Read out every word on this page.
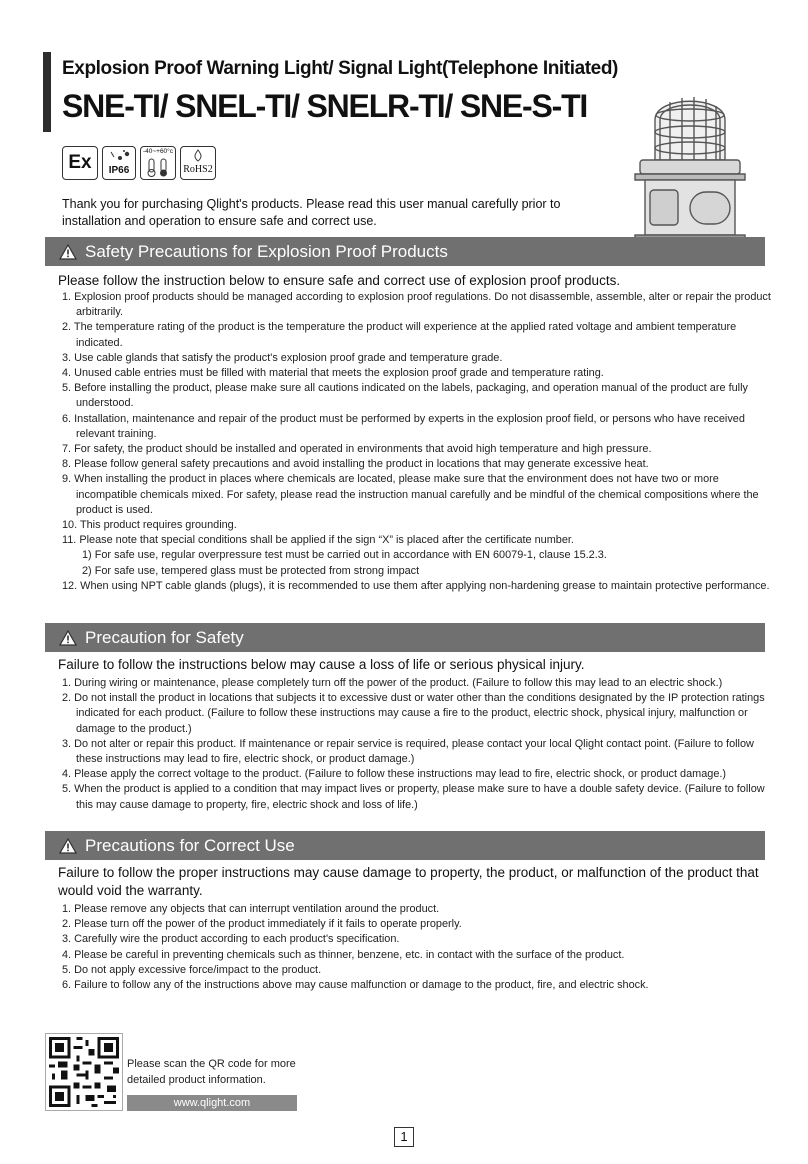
Explosion Proof Warning Light/ Signal Light(Telephone Initiated)
SNE-TI/ SNEL-TI/ SNELR-TI/ SNE-S-TI
Ex	IP66
-40~+60°c
RoHS2
Thank you for purchasing Qlight's products. Please read this user manual carefully prior to installation and operation to ensure safe and correct use.
Safety Precautions for Explosion Proof Products
Please follow the instruction below to ensure safe and correct use of explosion proof products.
1. Explosion proof products should be managed according to explosion proof regulations. Do not disassemble, assemble, alter or repair the product arbitrarily.
2. The temperature rating of the product is the temperature the product will experience at the applied rated voltage and ambient temperature indicated.
3. Use cable glands that satisfy the product's explosion proof grade and temperature grade.
4. Unused cable entries must be filled with material that meets the explosion proof grade and temperature rating.
5. Before installing the product, please make sure all cautions indicated on the labels, packaging, and operation manual of the product are fully understood.
6. Installation, maintenance and repair of the product must be performed by experts in the explosion proof field, or persons who have received relevant training.
7. For safety, the product should be installed and operated in environments that avoid high temperature and high pressure.
8. Please follow general safety precautions and avoid installing the product in locations that may generate excessive heat.
9. When installing the product in places where chemicals are located, please make sure that the environment does not have two or more incompatible chemicals mixed. For safety, please read the instruction manual carefully and be mindful of the chemical compositions where the product is used.
10. This product requires grounding.
11. Please note that special conditions shall be applied if the sign “X” is placed after the certificate number.
1) For safe use, regular overpressure test must be carried out in accordance with EN 60079-1, clause 15.2.3.
2) For safe use, tempered glass must be protected from strong impact
12. When using NPT cable glands (plugs), it is recommended to use them after applying non-hardening grease to maintain protective performance.
Precaution for Safety
Failure to follow the instructions below may cause a loss of life or serious physical injury.
1. During wiring or maintenance, please completely turn off the power of the product. (Failure to follow this may lead to an electric shock.)
2. Do not install the product in locations that subjects it to excessive dust or water other than the conditions designated by the IP protection ratings indicated for each product. (Failure to follow these instructions may cause a fire to the product, electric shock, physical injury, malfunction or damage to the product.)
3. Do not alter or repair this product. If maintenance or repair service is required, please contact your local Qlight contact point. (Failure to follow these instructions may lead to fire, electric shock, or product damage.)
4. Please apply the correct voltage to the product. (Failure to follow these instructions may lead to fire, electric shock, or product damage.)
5. When the product is applied to a condition that may impact lives or property, please make sure to have a double safety device. (Failure to follow this may cause damage to property, fire, electric shock and loss of life.)
Precautions for Correct Use
Failure to follow the proper instructions may cause damage to property, the product, or malfunction of the product that would void the warranty.
1. Please remove any objects that can interrupt ventilation around the product.
2. Please turn off the power of the product immediately if it fails to operate properly.
3. Carefully wire the product according to each product's specification.
4. Please be careful in preventing chemicals such as thinner, benzene, etc. in contact with the surface of the product.
5. Do not apply excessive force/impact to the product.
6. Failure to follow any of the instructions above may cause malfunction or damage to the product, fire, and electric shock.
Please scan the QR code for more detailed product information.
www.qlight.com
1
